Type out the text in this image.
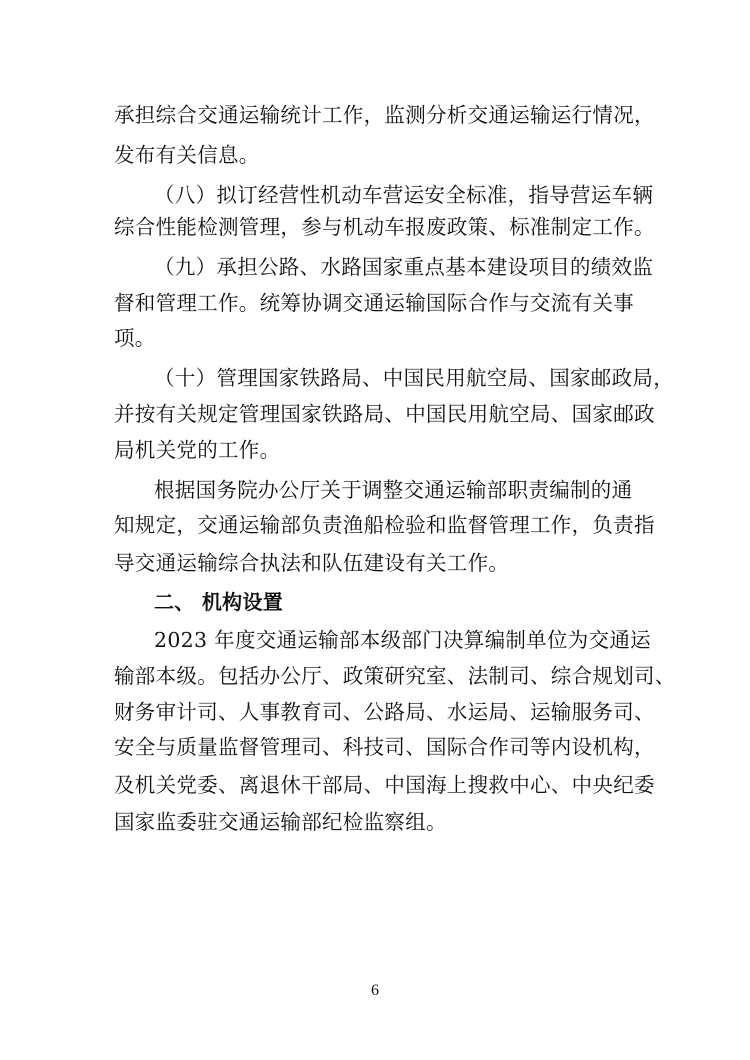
承担综合交通运输统计工作，监测分析交通运输运行情况，
发布有关信息。
（八）拟订经营性机动车营运安全标准，指导营运车辆
综合性能检测管理，参与机动车报废政策、标准制定工作。
（九）承担公路、水路国家重点基本建设项目的绩效监
督和管理工作。统筹协调交通运输国际合作与交流有关事
项。
（十）管理国家铁路局、中国民用航空局、国家邮政局，
并按有关规定管理国家铁路局、中国民用航空局、国家邮政
局机关党的工作。
根据国务院办公厅关于调整交通运输部职责编制的通
知规定，交通运输部负责渔船检验和监督管理工作，负责指
导交通运输综合执法和队伍建设有关工作。
二、 机构设置
2023 年度交通运输部本级部门决算编制单位为交通运
输部本级。包括办公厅、政策研究室、法制司、综合规划司、
财务审计司、人事教育司、公路局、水运局、运输服务司、
安全与质量监督管理司、科技司、国际合作司等内设机构，
及机关党委、离退休干部局、中国海上搜救中心、中央纪委
国家监委驻交通运输部纪检监察组。
6
